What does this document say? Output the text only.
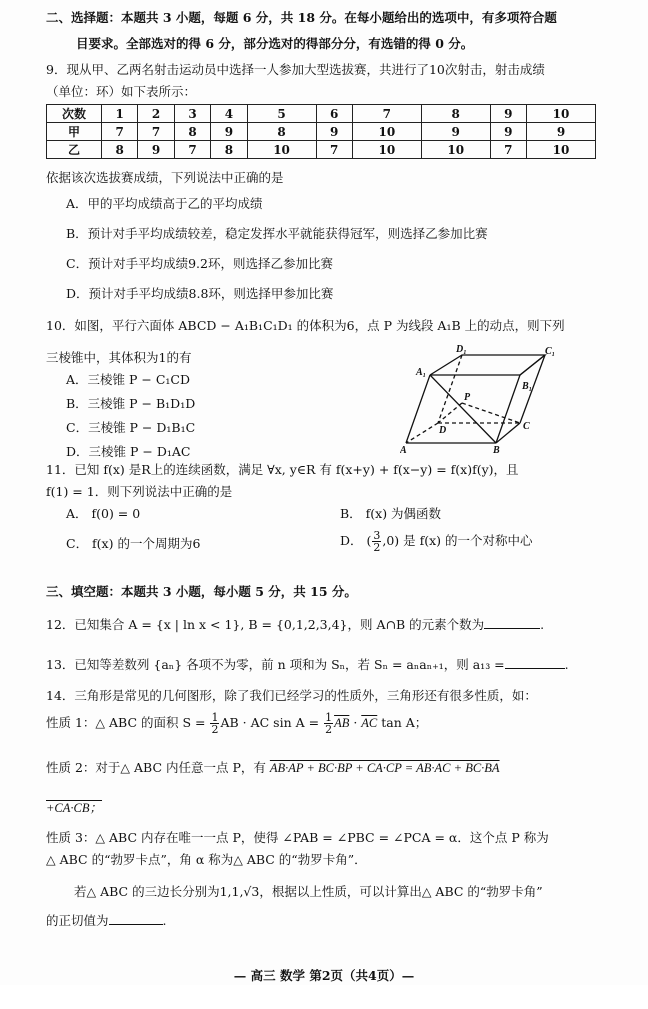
二、选择题：本题共 3 小题，每题 6 分，共 18 分。在每小题给出的选项中，有多项符合题
目要求。全部选对的得 6 分，部分选对的得部分分，有选错的得 0 分。
9．现从甲、乙两名射击运动员中选择一人参加大型选拔赛，共进行了10次射击，射击成绩
（单位：环）如下表所示：
次数	1	2	3	4	5	6	7	8	9	10
甲	7	7	8	9	8	9	10	9	9	9
乙	8	9	7	8	10	7	10	10	7	10
依据该次选拔赛成绩，下列说法中正确的是
A．甲的平均成绩高于乙的平均成绩
B．预计对手平均成绩较差，稳定发挥水平就能获得冠军，则选择乙参加比赛
C．预计对手平均成绩9.2环，则选择乙参加比赛
D．预计对手平均成绩8.8环，则选择甲参加比赛
10．如图，平行六面体 ABCD − A₁B₁C₁D₁ 的体积为6，点 P 为线段 A₁B 上的动点，则下列
三棱锥中，其体积为1的有
A．三棱锥 P − C₁CD
B．三棱锥 P − B₁D₁D
C．三棱锥 P − D₁B₁C
D．三棱锥 P − D₁AC
D₁	C₁
A₁
B₁
P
D
A	B
C
11．已知 f(x) 是R上的连续函数，满足 ∀x, y∈R 有 f(x+y) + f(x−y) = f(x)f(y)，且
f(1) = 1．则下列说法中正确的是
A． f(0) = 0	B． f(x) 为偶函数
C． f(x) 的一个周期为6	D． ( $\frac{3}{2} ,0$) 是 f(x) 的一个对称中心
三、填空题：本题共 3 小题，每小题 5 分，共 15 分。
12．已知集合 A = {x | ln x < 1}, B = {0,1,2,3,4}，则 A∩B 的元素个数为	.
13．已知等差数列 {aₙ} 各项不为零，前 n 项和为 Sₙ，若 Sₙ = aₙaₙ₊₁，则 a₁₃ =	.
14．三角形是常见的几何图形，除了我们已经学习的性质外，三角形还有很多性质，如：
性质 1：△ ABC 的面积 $S = \frac{1}{2}$ AB · AC $\sin A = \frac{1}{2} \overline{AB} \cdot \overline{AC}$ tan A；
性质 2：对于△ ABC 内任意一点 P，有 AB·AP + BC·BP + CA·CP = AB·AC + BC·BA
+CA·CB；
性质 3：△ ABC 内存在唯一一点 P，使得 ∠PAB = ∠PBC = ∠PCA = α．这个点 P 称为
△ ABC 的“勃罗卡点”，角 α 称为△ ABC 的“勃罗卡角”．
若△ ABC 的三边长分别为1,1,√3，根据以上性质，可以计算出△ ABC 的“勃罗卡角”
的正切值为	.
— 高三 数学 第2页（共4页）—
